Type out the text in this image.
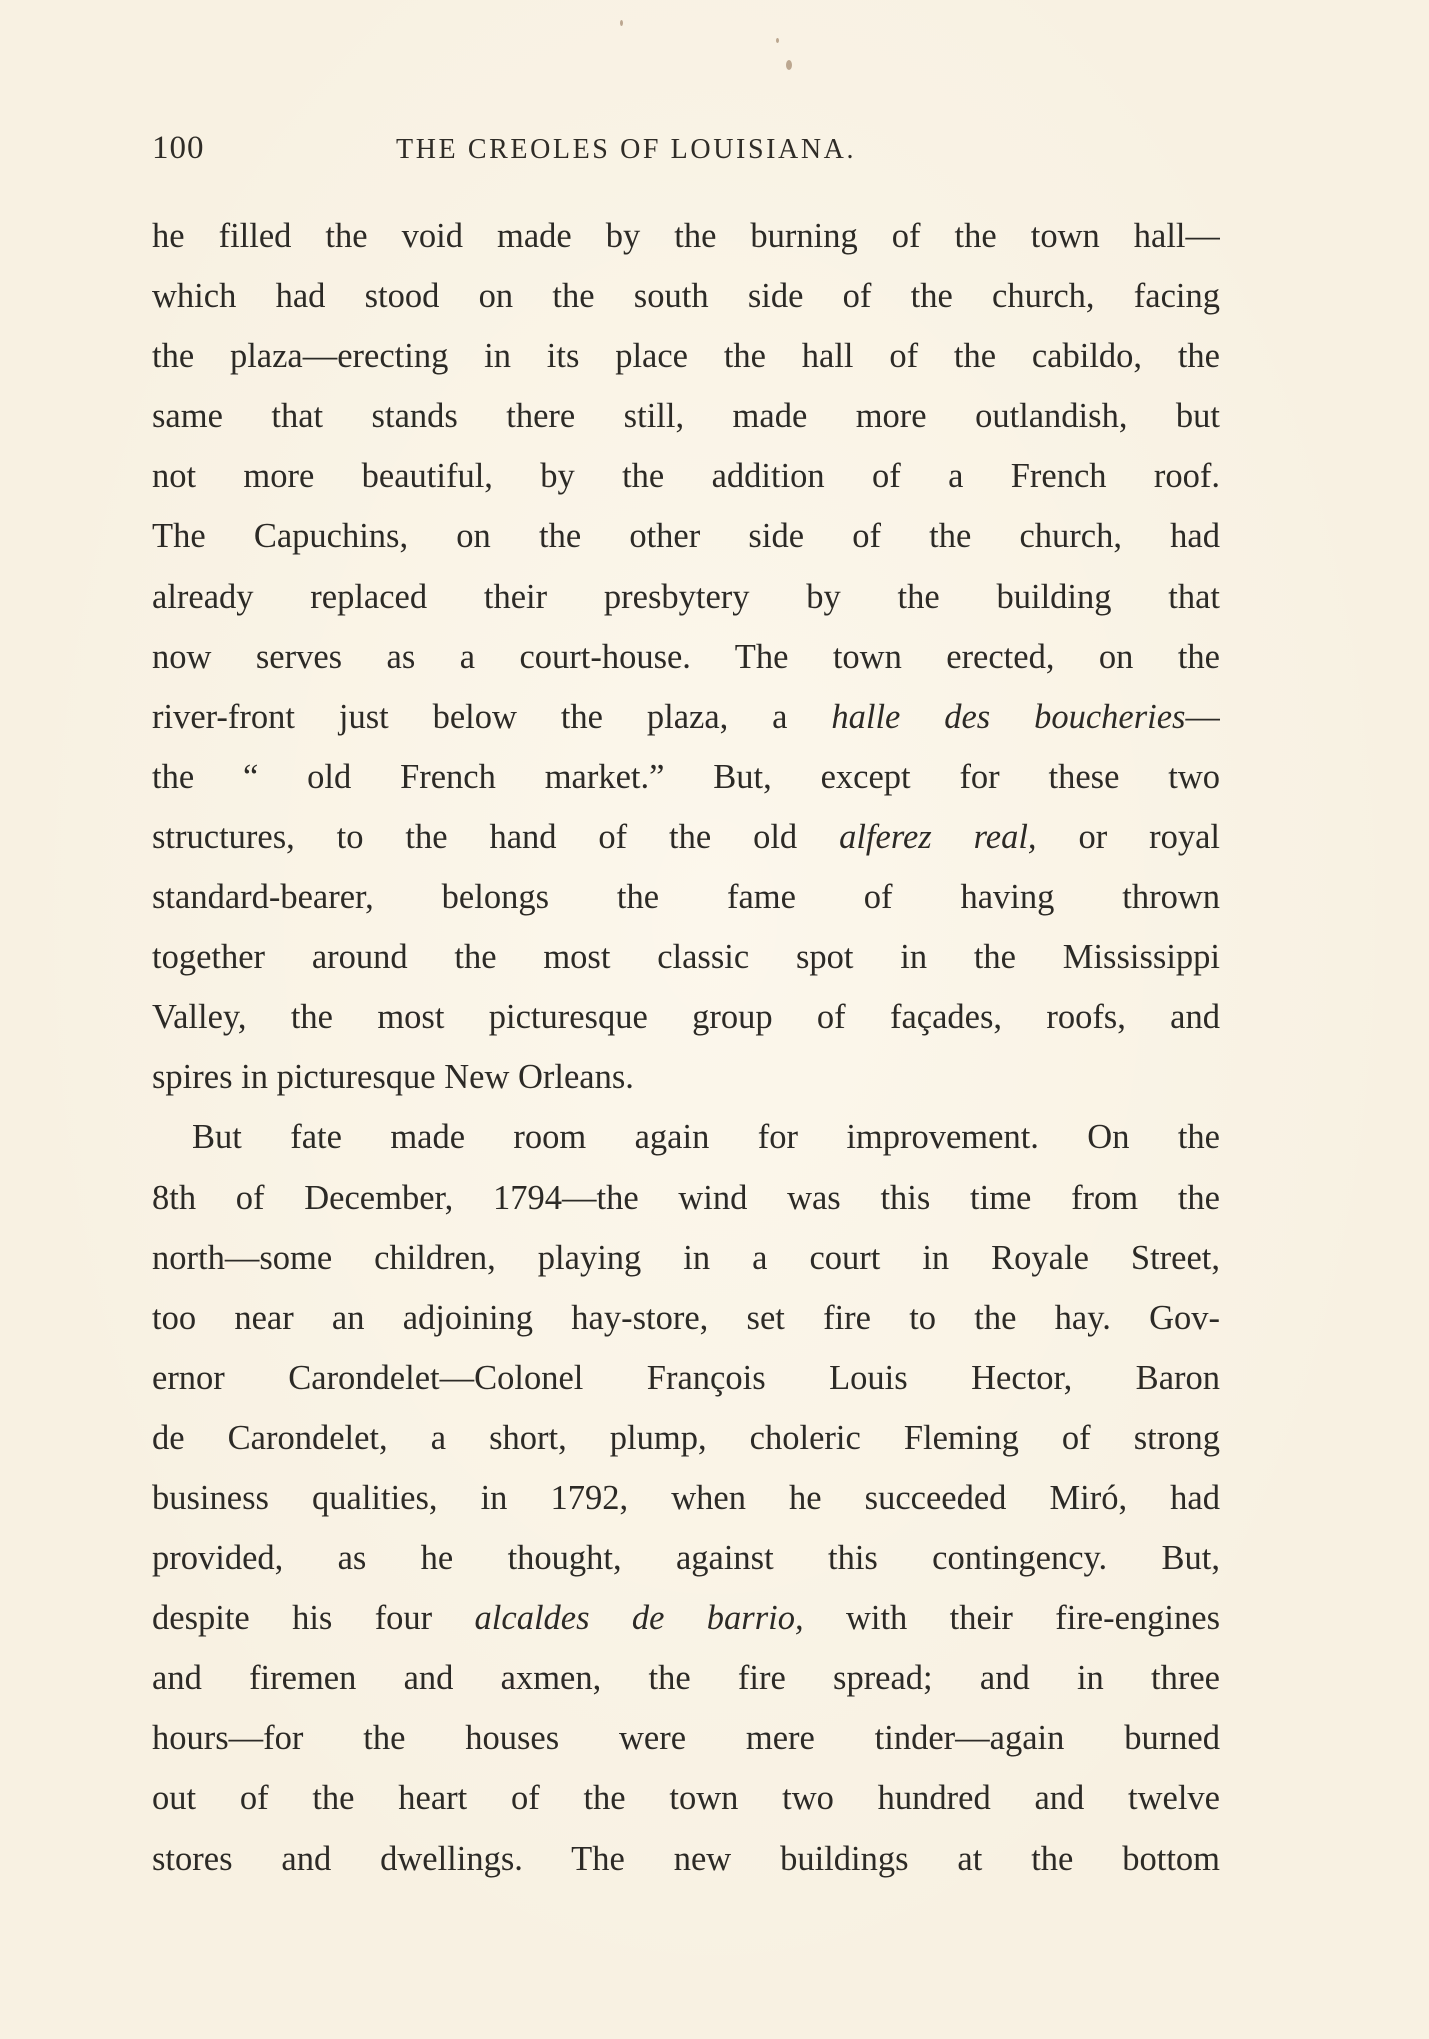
100	THE CREOLES OF LOUISIANA.
he filled the void made by the burning of the town hall—
which had stood on the south side of the church, facing
the plaza—erecting in its place the hall of the cabildo, the
same that stands there still, made more outlandish, but
not more beautiful, by the addition of a French roof.
The Capuchins, on the other side of the church, had
already replaced their presbytery by the building that
now serves as a court-house. The town erected, on the
river-front just below the plaza, a halle des boucheries—
the “ old French market.” But, except for these two
structures, to the hand of the old alferez real, or royal
standard-bearer, belongs the fame of having thrown
together around the most classic spot in the Mississippi
Valley, the most picturesque group of façades, roofs, and
spires in picturesque New Orleans.
But fate made room again for improvement. On the
8th of December, 1794—the wind was this time from the
north—some children, playing in a court in Royale Street,
too near an adjoining hay-store, set fire to the hay. Gov-
ernor Carondelet—Colonel François Louis Hector, Baron
de Carondelet, a short, plump, choleric Fleming of strong
business qualities, in 1792, when he succeeded Miró, had
provided, as he thought, against this contingency. But,
despite his four alcaldes de barrio, with their fire-engines
and firemen and axmen, the fire spread; and in three
hours—for the houses were mere tinder—again burned
out of the heart of the town two hundred and twelve
stores and dwellings. The new buildings at the bottom
